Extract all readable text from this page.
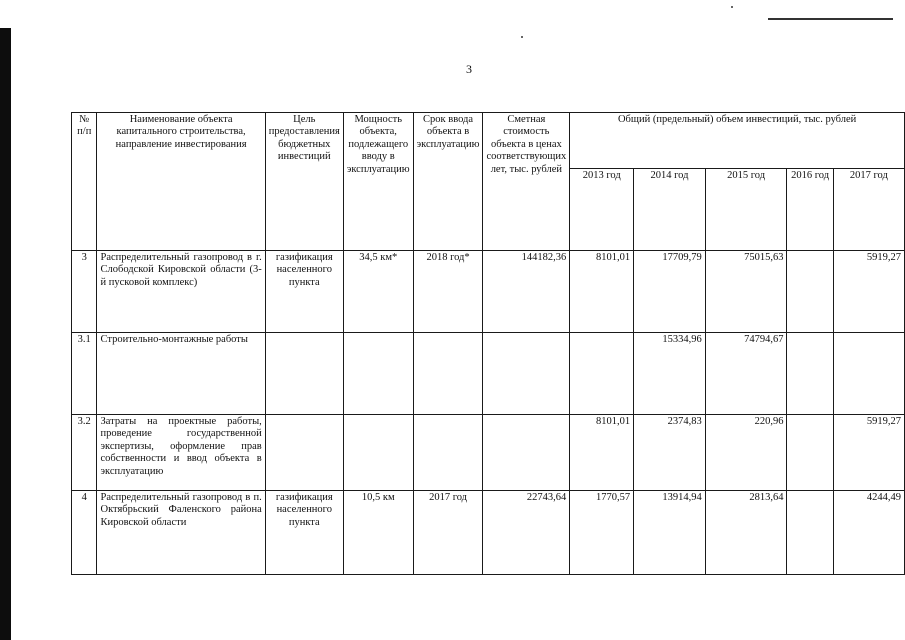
3
№ п/п	Наименование объекта капитального строительства, направление инвестирования	Цель предоставления бюджетных инвестиций	Мощность объекта, подлежащего вводу в эксплуатацию	Срок ввода объекта в эксплуатацию	Сметная стоимость объекта в ценах соответствующих лет, тыс. рублей	Общий (предельный) объем инвестиций, тыс. рублей				
						2013 год	2014 год	2015 год	2016 год	2017 год
3	Распределительный газопровод в г. Слободской Кировской области (3-й пусковой комплекс)	газификация населенного пункта	34,5 км*	2018 год*	144182,36	8101,01	17709,79	75015,63		5919,27
3.1	Строительно-монтажные работы						15334,96	74794,67		
3.2	Затраты на проектные работы, проведение государственной экспертизы, оформление прав собственности и ввод объекта в эксплуатацию					8101,01	2374,83	220,96		5919,27
4	Распределительный газопровод в п. Октябрьский Фаленского района Кировской области	газификация населенного пункта	10,5 км	2017 год	22743,64	1770,57	13914,94	2813,64		4244,49
